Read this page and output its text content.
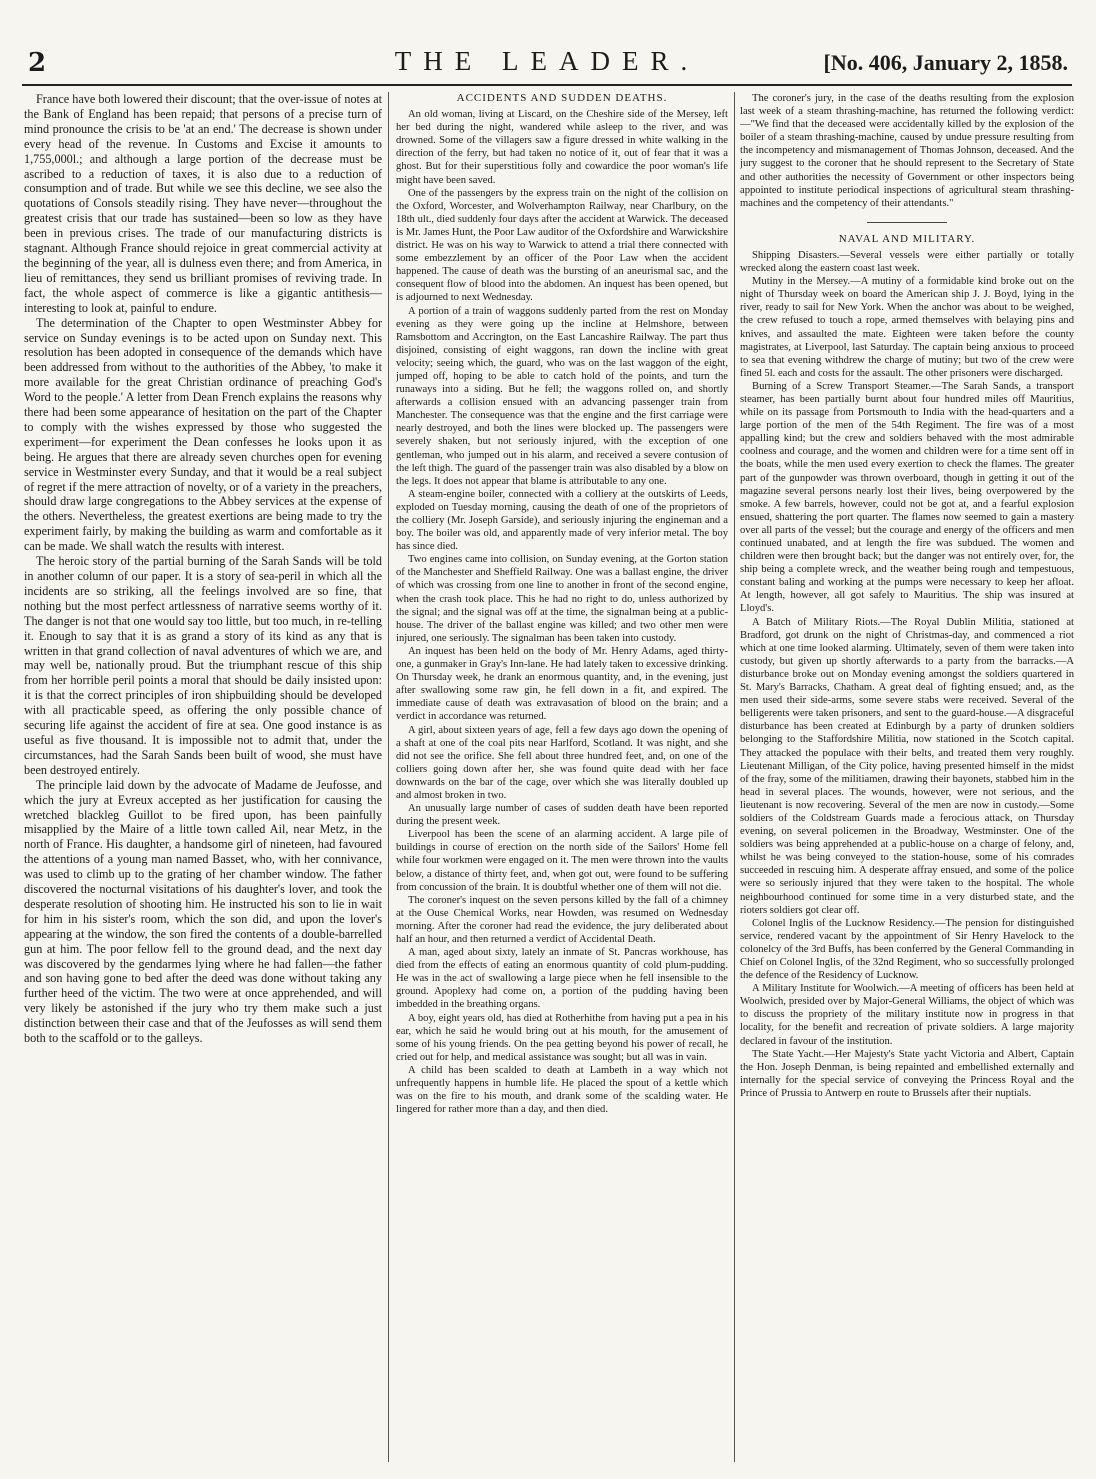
2	THE LEADER.	[No. 406, January 2, 1858.

France have both lowered their discount; that the over-issue of notes at the Bank of England has been repaid; that persons of a precise turn of mind pronounce the crisis to be 'at an end.' The decrease is shown under every head of the revenue. In Customs and Excise it amounts to 1,755,000l.; and although a large portion of the decrease must be ascribed to a reduction of taxes, it is also due to a reduction of consumption and of trade. But while we see this decline, we see also the quotations of Consols steadily rising. They have never—throughout the greatest crisis that our trade has sustained—been so low as they have been in previous crises. The trade of our manufacturing districts is stagnant. Although France should rejoice in great commercial activity at the beginning of the year, all is dulness even there; and from America, in lieu of remittances, they send us brilliant promises of reviving trade. In fact, the whole aspect of commerce is like a gigantic antithesis—interesting to look at, painful to endure.

The determination of the Chapter to open Westminster Abbey for service on Sunday evenings is to be acted upon on Sunday next. This resolution has been adopted in consequence of the demands which have been addressed from without to the authorities of the Abbey, 'to make it more available for the great Christian ordinance of preaching God's Word to the people.' A letter from Dean French explains the reasons why there had been some appearance of hesitation on the part of the Chapter to comply with the wishes expressed by those who suggested the experiment—for experiment the Dean confesses he looks upon it as being. He argues that there are already seven churches open for evening service in Westminster every Sunday, and that it would be a real subject of regret if the mere attraction of novelty, or of a variety in the preachers, should draw large congregations to the Abbey services at the expense of the others. Nevertheless, the greatest exertions are being made to try the experiment fairly, by making the building as warm and comfortable as it can be made. We shall watch the results with interest.

The heroic story of the partial burning of the Sarah Sands will be told in another column of our paper. It is a story of sea-peril in which all the incidents are so striking, all the feelings involved are so fine, that nothing but the most perfect artlessness of narrative seems worthy of it. The danger is not that one would say too little, but too much, in re-telling it. Enough to say that it is as grand a story of its kind as any that is written in that grand collection of naval adventures of which we are, and may well be, nationally proud. But the triumphant rescue of this ship from her horrible peril points a moral that should be daily insisted upon: it is that the correct principles of iron shipbuilding should be developed with all practicable speed, as offering the only possible chance of securing life against the accident of fire at sea. One good instance is as useful as five thousand. It is impossible not to admit that, under the circumstances, had the Sarah Sands been built of wood, she must have been destroyed entirely.

The principle laid down by the advocate of Madame de Jeufosse, and which the jury at Evreux accepted as her justification for causing the wretched blackleg Guillot to be fired upon, has been painfully misapplied by the Maire of a little town called Ail, near Metz, in the north of France. His daughter, a handsome girl of nineteen, had favoured the attentions of a young man named Basset, who, with her connivance, was used to climb up to the grating of her chamber window. The father discovered the nocturnal visitations of his daughter's lover, and took the desperate resolution of shooting him. He instructed his son to lie in wait for him in his sister's room, which the son did, and upon the lover's appearing at the window, the son fired the contents of a double-barrelled gun at him. The poor fellow fell to the ground dead, and the next day was discovered by the gendarmes lying where he had fallen—the father and son having gone to bed after the deed was done without taking any further heed of the victim. The two were at once apprehended, and will very likely be astonished if the jury who try them make such a just distinction between their case and that of the Jeufosses as will send them both to the scaffold or to the galleys.

ACCIDENTS AND SUDDEN DEATHS.

An old woman, living at Liscard, on the Cheshire side of the Mersey, left her bed during the night, wandered while asleep to the river, and was drowned. Some of the villagers saw a figure dressed in white walking in the direction of the ferry, but had taken no notice of it, out of fear that it was a ghost. But for their superstitious folly and cowardice the poor woman's life might have been saved.

One of the passengers by the express train on the night of the collision on the Oxford, Worcester, and Wolverhampton Railway, near Charlbury, on the 18th ult., died suddenly four days after the accident at Warwick. The deceased is Mr. James Hunt, the Poor Law auditor of the Oxfordshire and Warwickshire district. He was on his way to Warwick to attend a trial there connected with some embezzlement by an officer of the Poor Law when the accident happened. The cause of death was the bursting of an aneurismal sac, and the consequent flow of blood into the abdomen. An inquest has been opened, but is adjourned to next Wednesday.

A portion of a train of waggons suddenly parted from the rest on Monday evening as they were going up the incline at Helmshore, between Ramsbottom and Accrington, on the East Lancashire Railway. The part thus disjoined, consisting of eight waggons, ran down the incline with great velocity; seeing which, the guard, who was on the last waggon of the eight, jumped off, hoping to be able to catch hold of the points, and turn the runaways into a siding. But he fell; the waggons rolled on, and shortly afterwards a collision ensued with an advancing passenger train from Manchester. The consequence was that the engine and the first carriage were nearly destroyed, and both the lines were blocked up. The passengers were severely shaken, but not seriously injured, with the exception of one gentleman, who jumped out in his alarm, and received a severe contusion of the left thigh. The guard of the passenger train was also disabled by a blow on the legs. It does not appear that blame is attributable to any one.

A steam-engine boiler, connected with a colliery at the outskirts of Leeds, exploded on Tuesday morning, causing the death of one of the proprietors of the colliery (Mr. Joseph Garside), and seriously injuring the engineman and a boy. The boiler was old, and apparently made of very inferior metal. The boy has since died.

Two engines came into collision, on Sunday evening, at the Gorton station of the Manchester and Sheffield Railway. One was a ballast engine, the driver of which was crossing from one line to another in front of the second engine, when the crash took place. This he had no right to do, unless authorized by the signal; and the signal was off at the time, the signalman being at a public-house. The driver of the ballast engine was killed; and two other men were injured, one seriously. The signalman has been taken into custody.

An inquest has been held on the body of Mr. Henry Adams, aged thirty-one, a gunmaker in Gray's Inn-lane. He had lately taken to excessive drinking. On Thursday week, he drank an enormous quantity, and, in the evening, just after swallowing some raw gin, he fell down in a fit, and expired. The immediate cause of death was extravasation of blood on the brain; and a verdict in accordance was returned.

A girl, about sixteen years of age, fell a few days ago down the opening of a shaft at one of the coal pits near Harlford, Scotland. It was night, and she did not see the orifice. She fell about three hundred feet, and, on one of the colliers going down after her, she was found quite dead with her face downwards on the bar of the cage, over which she was literally doubled up and almost broken in two.

An unusually large number of cases of sudden death have been reported during the present week.

Liverpool has been the scene of an alarming accident. A large pile of buildings in course of erection on the north side of the Sailors' Home fell while four workmen were engaged on it. The men were thrown into the vaults below, a distance of thirty feet, and, when got out, were found to be suffering from concussion of the brain. It is doubtful whether one of them will not die.

The coroner's inquest on the seven persons killed by the fall of a chimney at the Ouse Chemical Works, near Howden, was resumed on Wednesday morning. After the coroner had read the evidence, the jury deliberated about half an hour, and then returned a verdict of Accidental Death.

A man, aged about sixty, lately an inmate of St. Pancras workhouse, has died from the effects of eating an enormous quantity of cold plum-pudding. He was in the act of swallowing a large piece when he fell insensible to the ground. Apoplexy had come on, a portion of the pudding having been imbedded in the breathing organs.

A boy, eight years old, has died at Rotherhithe from having put a pea in his ear, which he said he would bring out at his mouth, for the amusement of some of his young friends. On the pea getting beyond his power of recall, he cried out for help, and medical assistance was sought; but all was in vain.

A child has been scalded to death at Lambeth in a way which not unfrequently happens in humble life. He placed the spout of a kettle which was on the fire to his mouth, and drank some of the scalding water. He lingered for rather more than a day, and then died.

The coroner's jury, in the case of the deaths resulting from the explosion last week of a steam thrashing-machine, has returned the following verdict:—"We find that the deceased were accidentally killed by the explosion of the boiler of a steam thrashing-machine, caused by undue pressure resulting from the incompetency and mismanagement of Thomas Johnson, deceased. And the jury suggest to the coroner that he should represent to the Secretary of State and other authorities the necessity of Government or other inspectors being appointed to institute periodical inspections of agricultural steam thrashing-machines and the competency of their attendants."

NAVAL AND MILITARY.

Shipping Disasters.—Several vessels were either partially or totally wrecked along the eastern coast last week.

Mutiny in the Mersey.—A mutiny of a formidable kind broke out on the night of Thursday week on board the American ship J. J. Boyd, lying in the river, ready to sail for New York. When the anchor was about to be weighed, the crew refused to touch a rope, armed themselves with belaying pins and knives, and assaulted the mate. Eighteen were taken before the county magistrates, at Liverpool, last Saturday. The captain being anxious to proceed to sea that evening withdrew the charge of mutiny; but two of the crew were fined 5l. each and costs for the assault. The other prisoners were discharged.

Burning of a Screw Transport Steamer.—The Sarah Sands, a transport steamer, has been partially burnt about four hundred miles off Mauritius, while on its passage from Portsmouth to India with the head-quarters and a large portion of the men of the 54th Regiment. The fire was of a most appalling kind; but the crew and soldiers behaved with the most admirable coolness and courage, and the women and children were for a time sent off in the boats, while the men used every exertion to check the flames. The greater part of the gunpowder was thrown overboard, though in getting it out of the magazine several persons nearly lost their lives, being overpowered by the smoke. A few barrels, however, could not be got at, and a fearful explosion ensued, shattering the port quarter. The flames now seemed to gain a mastery over all parts of the vessel; but the courage and energy of the officers and men continued unabated, and at length the fire was subdued. The women and children were then brought back; but the danger was not entirely over, for, the ship being a complete wreck, and the weather being rough and tempestuous, constant baling and working at the pumps were necessary to keep her afloat. At length, however, all got safely to Mauritius. The ship was insured at Lloyd's.

A Batch of Military Riots.—The Royal Dublin Militia, stationed at Bradford, got drunk on the night of Christmas-day, and commenced a riot which at one time looked alarming. Ultimately, seven of them were taken into custody, but given up shortly afterwards to a party from the barracks.—A disturbance broke out on Monday evening amongst the soldiers quartered in St. Mary's Barracks, Chatham. A great deal of fighting ensued; and, as the men used their side-arms, some severe stabs were received. Several of the belligerents were taken prisoners, and sent to the guard-house.—A disgraceful disturbance has been created at Edinburgh by a party of drunken soldiers belonging to the Staffordshire Militia, now stationed in the Scotch capital. They attacked the populace with their belts, and treated them very roughly. Lieutenant Milligan, of the City police, having presented himself in the midst of the fray, some of the militiamen, drawing their bayonets, stabbed him in the head in several places. The wounds, however, were not serious, and the lieutenant is now recovering. Several of the men are now in custody.—Some soldiers of the Coldstream Guards made a ferocious attack, on Thursday evening, on several policemen in the Broadway, Westminster. One of the soldiers was being apprehended at a public-house on a charge of felony, and, whilst he was being conveyed to the station-house, some of his comrades succeeded in rescuing him. A desperate affray ensued, and some of the police were so seriously injured that they were taken to the hospital. The whole neighbourhood continued for some time in a very disturbed state, and the rioters soldiers got clear off.

Colonel Inglis of the Lucknow Residency.—The pension for distinguished service, rendered vacant by the appointment of Sir Henry Havelock to the colonelcy of the 3rd Buffs, has been conferred by the General Commanding in Chief on Colonel Inglis, of the 32nd Regiment, who so successfully prolonged the defence of the Residency of Lucknow.

A Military Institute for Woolwich.—A meeting of officers has been held at Woolwich, presided over by Major-General Williams, the object of which was to discuss the propriety of the military institute now in progress in that locality, for the benefit and recreation of private soldiers. A large majority declared in favour of the institution.

The State Yacht.—Her Majesty's State yacht Victoria and Albert, Captain the Hon. Joseph Denman, is being repainted and embellished externally and internally for the special service of conveying the Princess Royal and the Prince of Prussia to Antwerp en route to Brussels after their nuptials.
